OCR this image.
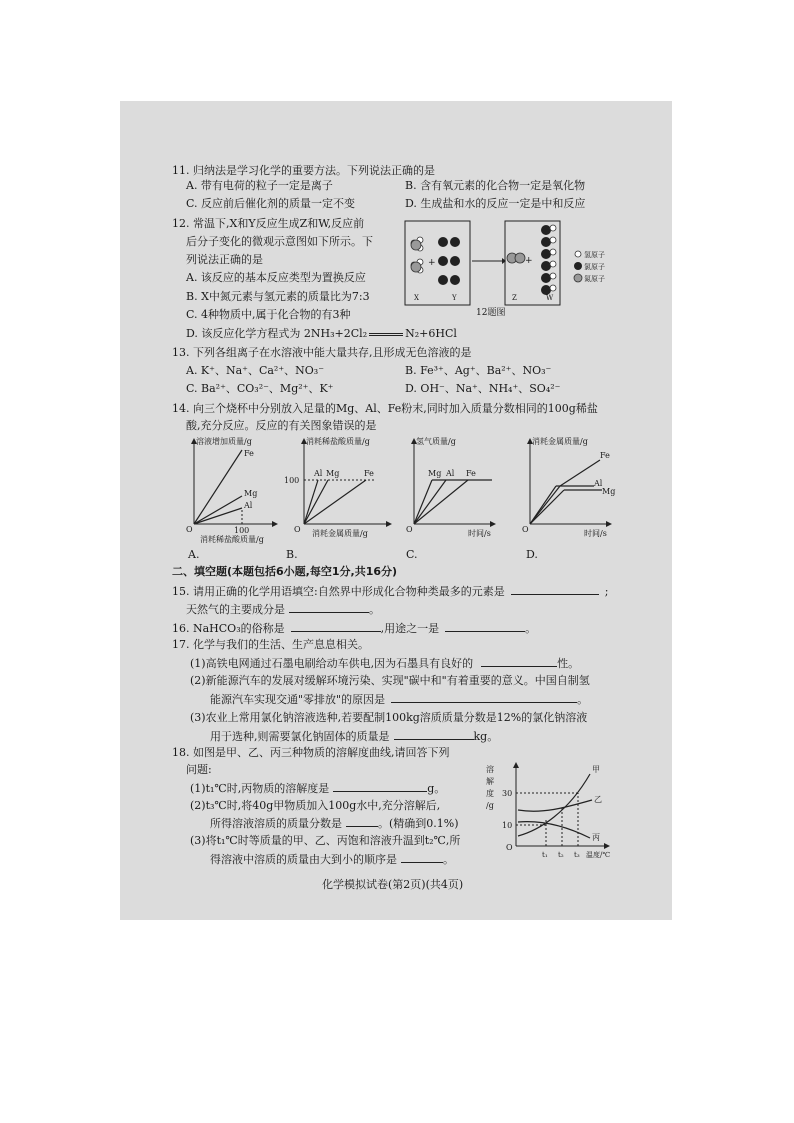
11. 归纳法是学习化学的重要方法。下列说法正确的是
A. 带有电荷的粒子一定是离子	B. 含有氧元素的化合物一定是氧化物
C. 反应前后催化剂的质量一定不变	D. 生成盐和水的反应一定是中和反应
12. 常温下,X和Y反应生成Z和W,反应前
后分子变化的微观示意图如下所示。下
列说法正确的是
A. 该反应的基本反应类型为置换反应
B. X中氮元素与氢元素的质量比为7:3
C. 4种物质中,属于化合物的有3种
D. 该反应化学方程式为 2NH₃+2Cl₂	N₂+6HCl
+	+
X	Y	Z	W
氢原子
氯原子
氮原子
12题图
13. 下列各组离子在水溶液中能大量共存,且形成无色溶液的是
A. K⁺、Na⁺、Ca²⁺、NO₃⁻	B. Fe³⁺、Ag⁺、Ba²⁺、NO₃⁻
C. Ba²⁺、CO₃²⁻、Mg²⁺、K⁺	D. OH⁻、Na⁺、NH₄⁺、SO₄²⁻
14. 向三个烧杯中分别放入足量的Mg、Al、Fe粉末,同时加入质量分数相同的100g稀盐
酸,充分反应。反应的有关图象错误的是
溶液增加质量/g
O
Fe
Mg
Al
100
消耗稀盐酸质量/g
A.
消耗稀盐酸质量/g
O
100
Al Mg	Fe
消耗金属质量/g
B.
氢气质量/g
O
Mg Al Fe
时间/s
C.
消耗金属质量/g
O
Fe
Al
Mg
时间/s
D.
二、填空题(本题包括6小题,每空1分,共16分)
15. 请用正确的化学用语填空:自然界中形成化合物种类最多的元素是	;
天然气的主要成分是	。
16. NaHCO₃的俗称是	,用途之一是	。
17. 化学与我们的生活、生产息息相关。
(1)高铁电网通过石墨电刷给动车供电,因为石墨具有良好的	性。
(2)新能源汽车的发展对缓解环境污染、实现"碳中和"有着重要的意义。中国自制氢
能源汽车实现交通"零排放"的原因是	。
(3)农业上常用氯化钠溶液选种,若要配制100kg溶质质量分数是12%的氯化钠溶液
用于选种,则需要氯化钠固体的质量是	kg。
18. 如图是甲、乙、丙三种物质的溶解度曲线,请回答下列
问题:
(1)t₁℃时,丙物质的溶解度是	g。
(2)t₃℃时,将40g甲物质加入100g水中,充分溶解后,
所得溶液溶质的质量分数是	。(精确到0.1%)
(3)将t₁℃时等质量的甲、乙、丙饱和溶液升温到t₂℃,所
得溶液中溶质的质量由大到小的顺序是	。
溶
解
度
/g
30
10
O
甲
乙
丙
t₁ t₂ t₃ 温度/℃
化学模拟试卷(第2页)(共4页)
